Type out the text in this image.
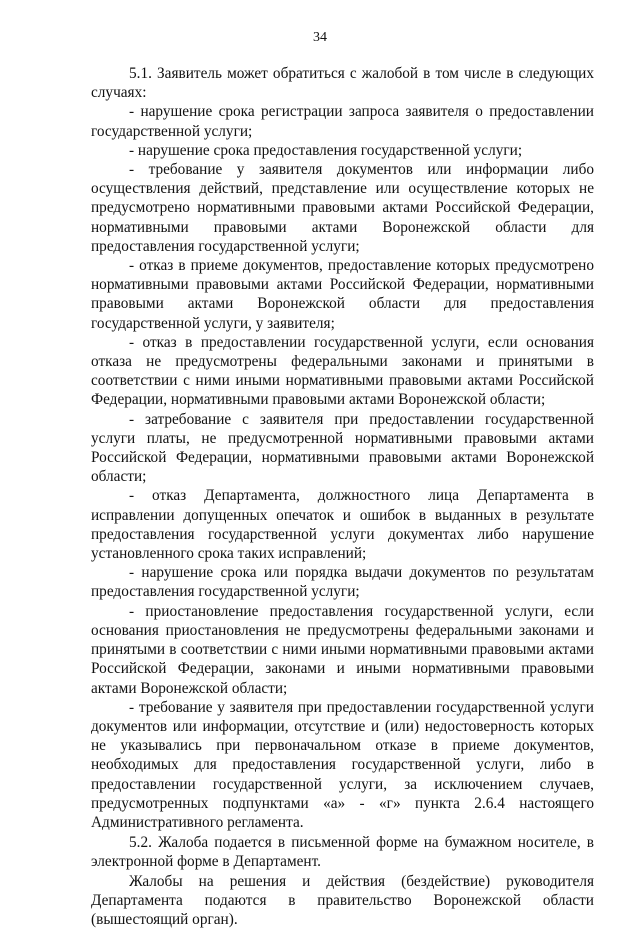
34

5.1. Заявитель может обратиться с жалобой в том числе в следующих случаях:

- нарушение срока регистрации запроса заявителя о предоставлении государственной услуги;

- нарушение срока предоставления государственной услуги;

- требование у заявителя документов или информации либо осуществления действий, представление или осуществление которых не предусмотрено нормативными правовыми актами Российской Федерации, нормативными правовыми актами Воронежской области для предоставления государственной услуги;

- отказ в приеме документов, предоставление которых предусмотрено нормативными правовыми актами Российской Федерации, нормативными правовыми актами Воронежской области для предоставления государственной услуги, у заявителя;

- отказ в предоставлении государственной услуги, если основания отказа не предусмотрены федеральными законами и принятыми в соответствии с ними иными нормативными правовыми актами Российской Федерации, нормативными правовыми актами Воронежской области;

- затребование с заявителя при предоставлении государственной услуги платы, не предусмотренной нормативными правовыми актами Российской Федерации, нормативными правовыми актами Воронежской области;

- отказ Департамента, должностного лица Департамента в исправлении допущенных опечаток и ошибок в выданных в результате предоставления государственной услуги документах либо нарушение установленного срока таких исправлений;

- нарушение срока или порядка выдачи документов по результатам предоставления государственной услуги;

- приостановление предоставления государственной услуги, если основания приостановления не предусмотрены федеральными законами и принятыми в соответствии с ними иными нормативными правовыми актами Российской Федерации, законами и иными нормативными правовыми актами Воронежской области;

- требование у заявителя при предоставлении государственной услуги документов или информации, отсутствие и (или) недостоверность которых не указывались при первоначальном отказе в приеме документов, необходимых для предоставления государственной услуги, либо в предоставлении государственной услуги, за исключением случаев, предусмотренных подпунктами «а» - «г» пункта 2.6.4 настоящего Административного регламента.

5.2. Жалоба подается в письменной форме на бумажном носителе, в электронной форме в Департамент.

Жалобы на решения и действия (бездействие) руководителя Департамента подаются в правительство Воронежской области (вышестоящий орган).
